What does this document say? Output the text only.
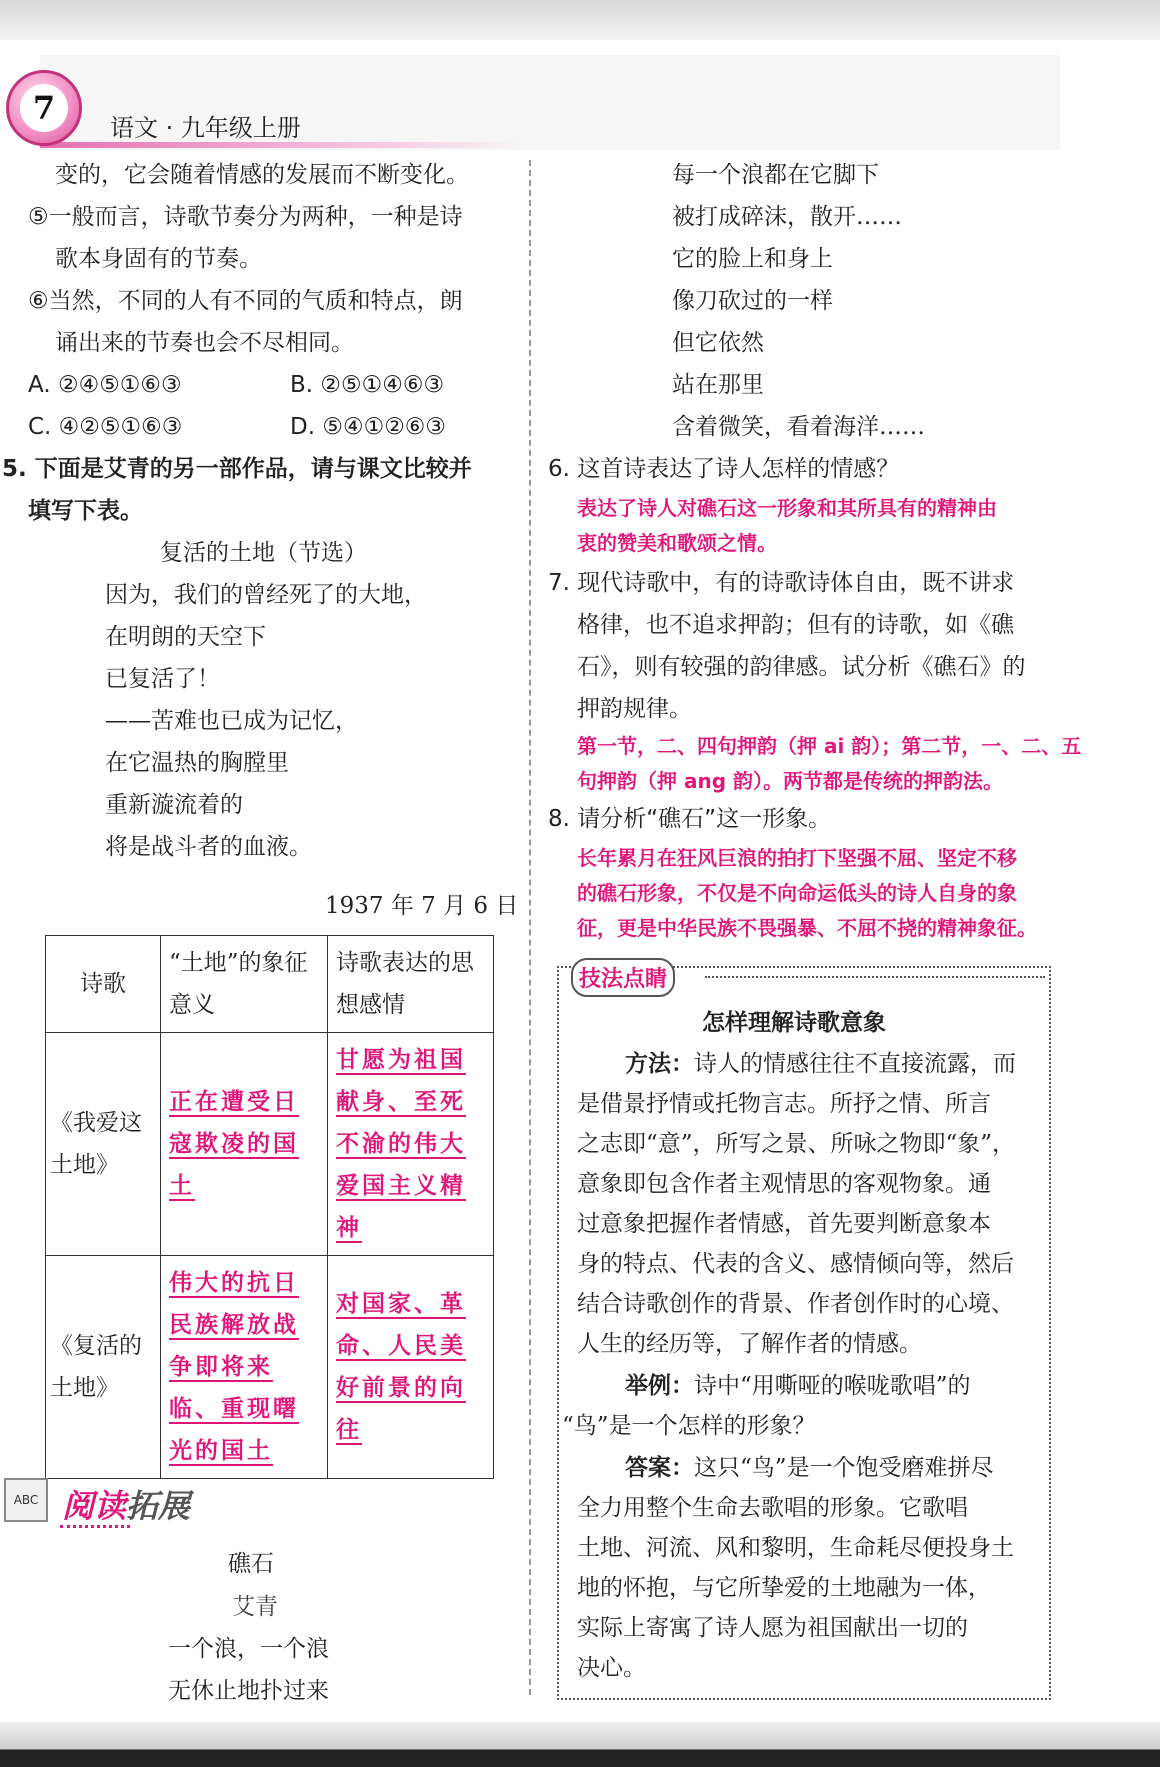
7
语文 · 九年级上册
变的，它会随着情感的发展而不断变化。
⑤一般而言，诗歌节奏分为两种，一种是诗
歌本身固有的节奏。
⑥当然，不同的人有不同的气质和特点，朗
诵出来的节奏也会不尽相同。
A. ②④⑤①⑥③	B. ②⑤①④⑥③
C. ④②⑤①⑥③	D. ⑤④①②⑥③
5. 下面是艾青的另一部作品，请与课文比较并
填写下表。
复活的土地（节选）
因为，我们的曾经死了的大地，
在明朗的天空下
已复活了！
——苦难也已成为记忆，
在它温热的胸膛里
重新漩流着的
将是战斗者的血液。
1937 年 7 月 6 日
诗歌	“土地”的象征意义	诗歌表达的思想感情
《我爱这土地》	正在遭受日寇欺凌的国土	甘愿为祖国献身、至死不渝的伟大爱国主义精神

《复活的土地》	伟大的抗日民族解放战争即将来临、重现曙光的国土	对国家、革命、人民美好前景的向往
ABC 阅读拓展
礁石
艾青
一个浪，一个浪
无休止地扑过来
每一个浪都在它脚下
被打成碎沫，散开……
它的脸上和身上
像刀砍过的一样
但它依然
站在那里
含着微笑，看着海洋……
6. 这首诗表达了诗人怎样的情感？
表达了诗人对礁石这一形象和其所具有的精神由
衷的赞美和歌颂之情。
7. 现代诗歌中，有的诗歌诗体自由，既不讲求
格律，也不追求押韵；但有的诗歌，如《礁
石》，则有较强的韵律感。试分析《礁石》的
押韵规律。
第一节，二、四句押韵（押 ai 韵）；第二节，一、二、五
句押韵（押 ang 韵）。两节都是传统的押韵法。
8. 请分析“礁石”这一形象。
长年累月在狂风巨浪的拍打下坚强不屈、坚定不移
的礁石形象，不仅是不向命运低头的诗人自身的象
征，更是中华民族不畏强暴、不屈不挠的精神象征。
技法点睛
怎样理解诗歌意象
方法：诗人的情感往往不直接流露，而
是借景抒情或托物言志。所抒之情、所言
之志即“意”，所写之景、所咏之物即“象”，
意象即包含作者主观情思的客观物象。通
过意象把握作者情感，首先要判断意象本
身的特点、代表的含义、感情倾向等，然后
结合诗歌创作的背景、作者创作时的心境、
人生的经历等，了解作者的情感。
举例：诗中“用嘶哑的喉咙歌唱”的
“鸟”是一个怎样的形象？
答案：这只“鸟”是一个饱受磨难拼尽
全力用整个生命去歌唱的形象。它歌唱
土地、河流、风和黎明，生命耗尽便投身土
地的怀抱，与它所挚爱的土地融为一体，
实际上寄寓了诗人愿为祖国献出一切的
决心。
